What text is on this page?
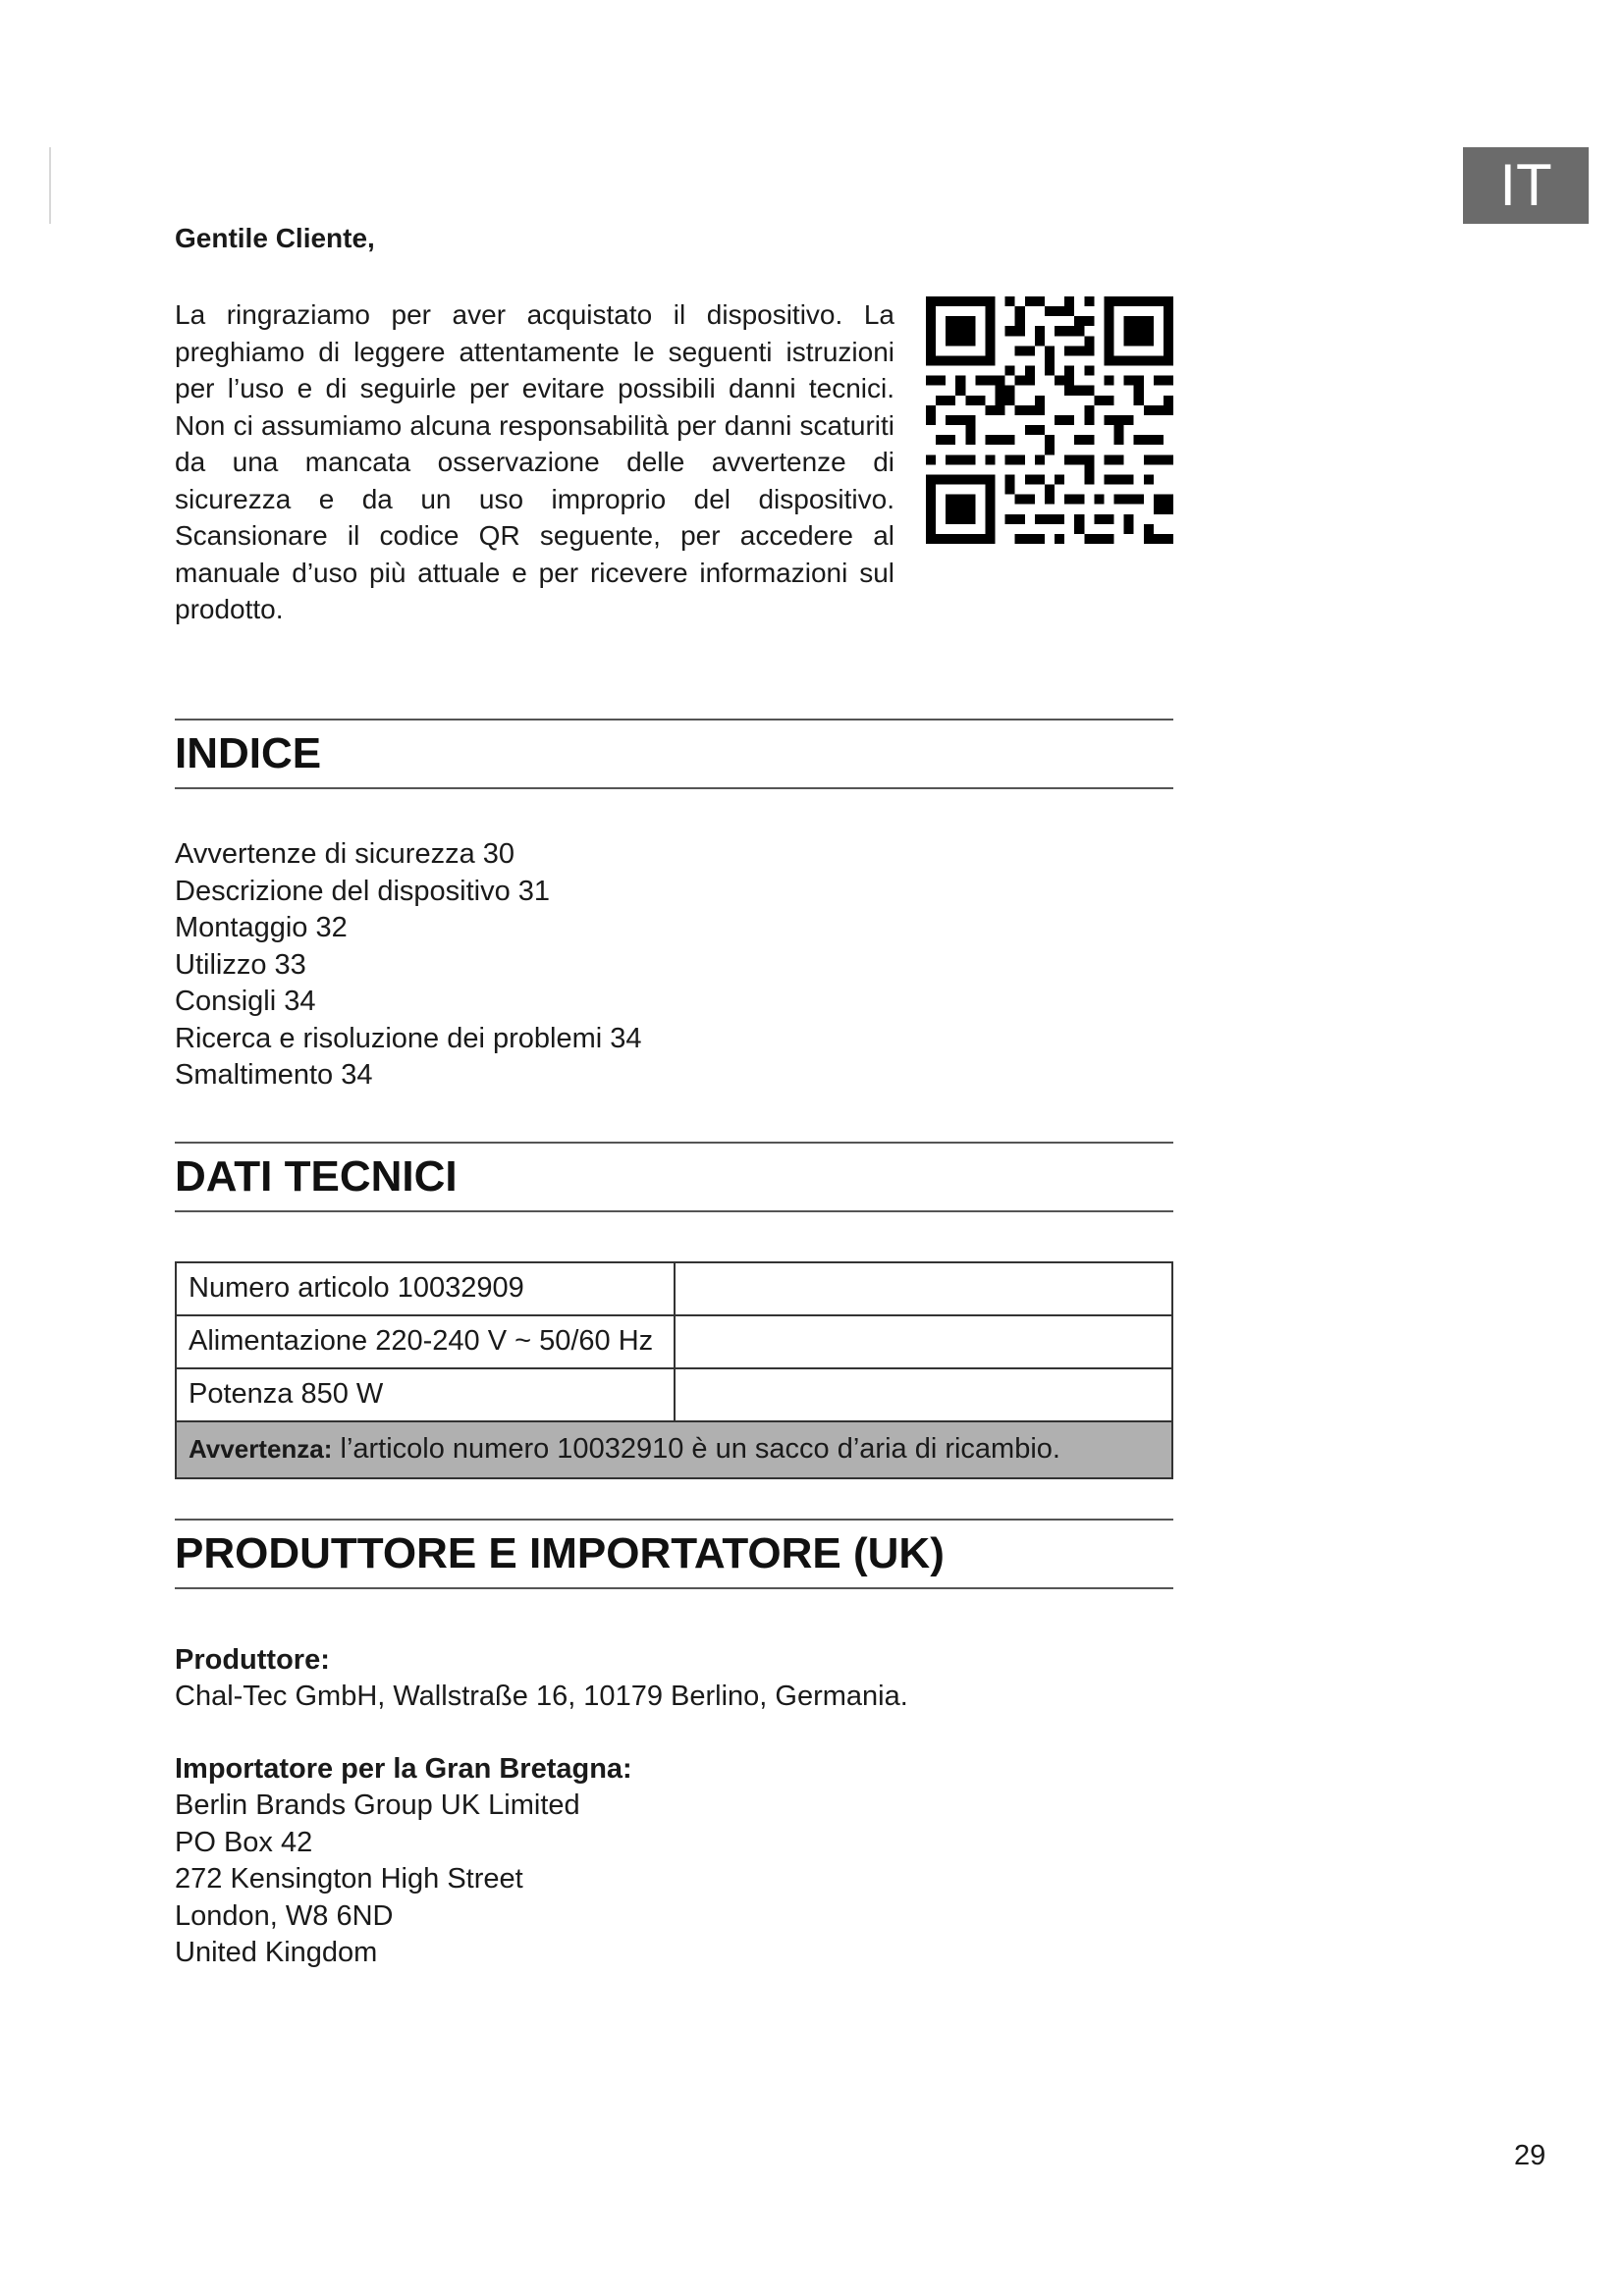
IT

Gentile Cliente,

La ringraziamo per aver acquistato il dispositivo. La preghiamo di leggere attentamente le seguenti istruzioni per l’uso e di seguirle per evitare possibili danni tecnici. Non ci assumiamo alcuna responsabilità per danni scaturiti da una mancata osservazione delle avvertenze di sicurezza e da un uso improprio del dispositivo. Scansionare il codice QR seguente, per accedere al manuale d’uso più attuale e per ricevere informazioni sul prodotto.

INDICE
Avvertenze di sicurezza 30
Descrizione del dispositivo 31
Montaggio 32
Utilizzo 33
Consigli 34
Ricerca e risoluzione dei problemi 34
Smaltimento 34
DATI TECNICI
Numero articolo 10032909	
Alimentazione 220-240 V ~ 50/60 Hz	
Potenza 850 W	
Avvertenza: l’articolo numero 10032910 è un sacco d’aria di ricambio.	
PRODUTTORE E IMPORTATORE (UK)
Produttore:
Chal-Tec GmbH, Wallstraße 16, 10179 Berlino, Germania.
Importatore per la Gran Bretagna:
Berlin Brands Group UK Limited
PO Box 42
272 Kensington High Street
London, W8 6ND
United Kingdom
29
